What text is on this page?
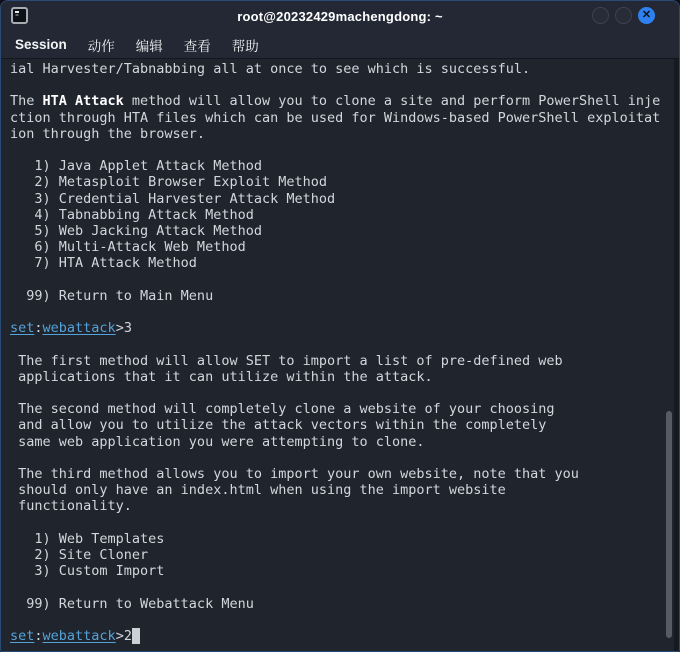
root@20232429machengdong: ~	✕
Session 动作 编辑 查看 帮助
ial Harvester/Tabnabbing all at once to see which is successful.

The HTA Attack method will allow you to clone a site and perform PowerShell inje
ction through HTA files which can be used for Windows-based PowerShell exploitat
ion through the browser.

1) Java Applet Attack Method
2) Metasploit Browser Exploit Method
3) Credential Harvester Attack Method
4) Tabnabbing Attack Method
5) Web Jacking Attack Method
6) Multi-Attack Web Method
7) HTA Attack Method

99) Return to Main Menu

set:webattack>3

The first method will allow SET to import a list of pre-defined web
applications that it can utilize within the attack.

The second method will completely clone a website of your choosing
and allow you to utilize the attack vectors within the completely
same web application you were attempting to clone.

The third method allows you to import your own website, note that you
should only have an index.html when using the import website
functionality.

1) Web Templates
2) Site Cloner
3) Custom Import

99) Return to Webattack Menu

set:webattack>2
